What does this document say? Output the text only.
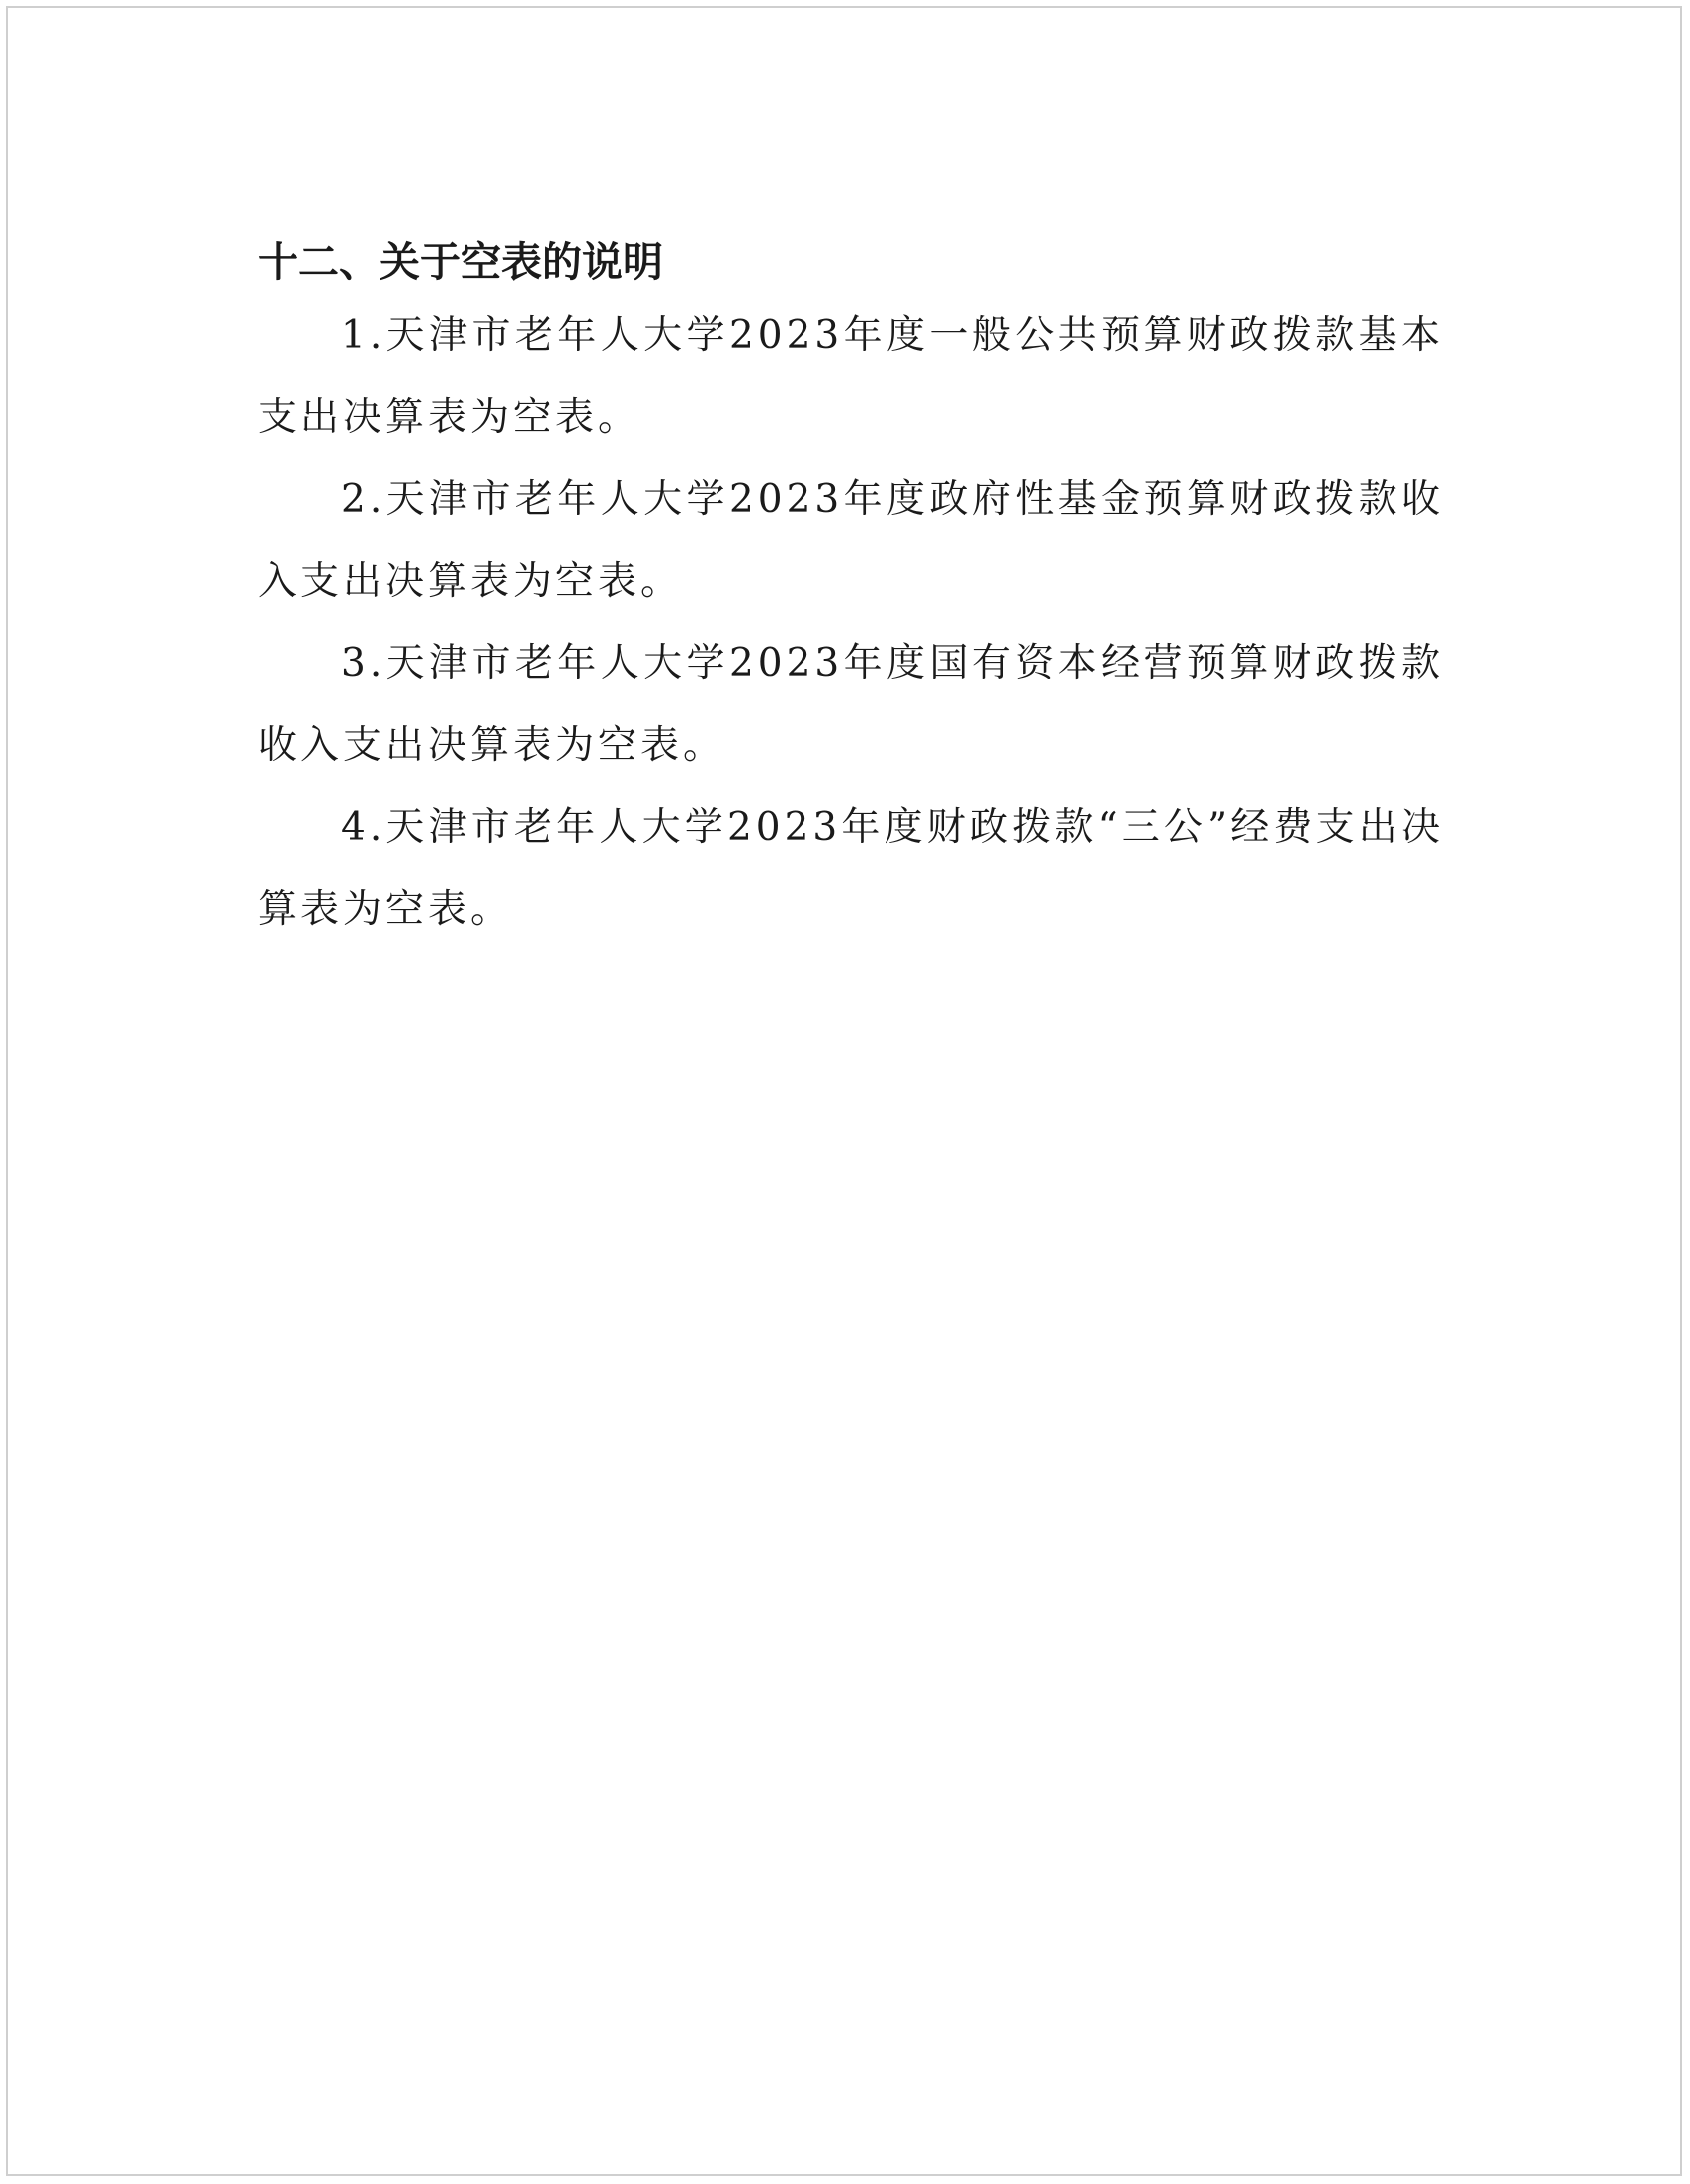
十二、关于空表的说明

1.天津市老年人大学2023年度一般公共预算财政拨款基本支出决算表为空表。

2.天津市老年人大学2023年度政府性基金预算财政拨款收入支出决算表为空表。

3.天津市老年人大学2023年度国有资本经营预算财政拨款收入支出决算表为空表。

4.天津市老年人大学2023年度财政拨款“三公”经费支出决算表为空表。
